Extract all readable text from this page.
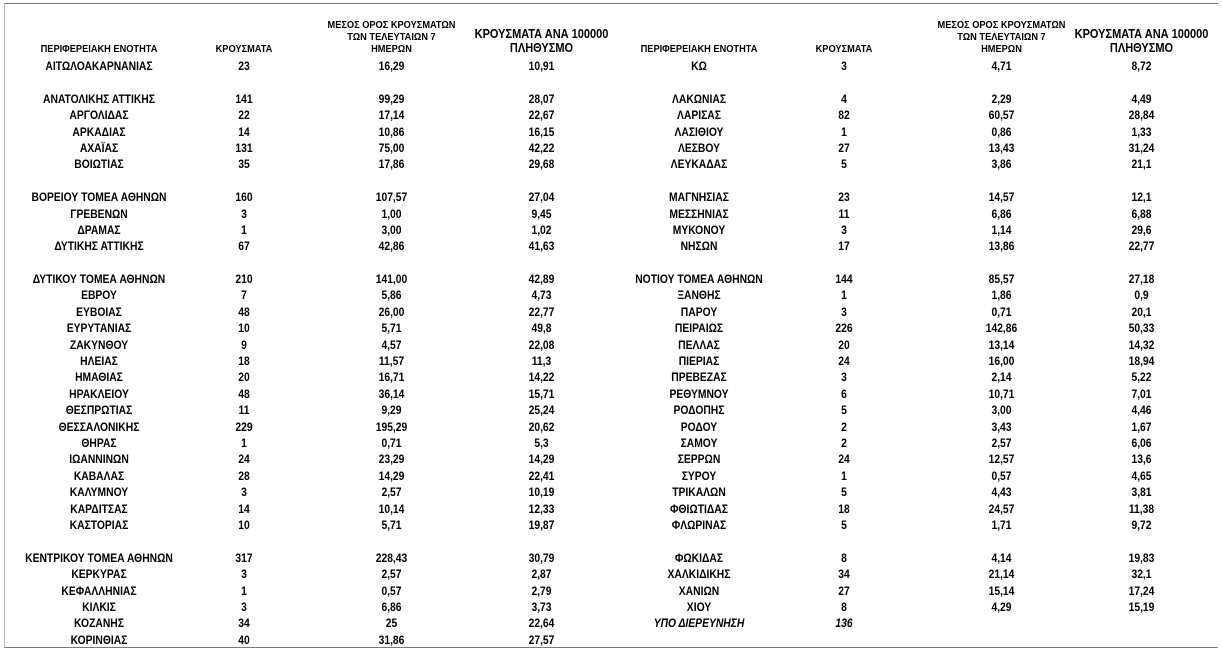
ΠΕΡΙΦΕΡΕΙΑΚΗ ΕΝΟΤΗΤΑ	ΚΡΟΥΣΜΑΤΑ
ΜΕΣΟΣ ΟΡΟΣ ΚΡΟΥΣΜΑΤΩΝ
ΤΩΝ ΤΕΛΕΥΤΑΙΩΝ 7
ΗΜΕΡΩΝ
ΚΡΟΥΣΜΑΤΑ ΑΝΑ 100000
ΠΛΗΘΥΣΜΟ
ΑΙΤΩΛΟΑΚΑΡΝΑΝΙΑΣ	23	16,29	10,91
ΑΝΑΤΟΛΙΚΗΣ ΑΤΤΙΚΗΣ	141	99,29	28,07
ΑΡΓΟΛΙΔΑΣ	22	17,14	22,67
ΑΡΚΑΔΙΑΣ	14	10,86	16,15
ΑΧΑΪΑΣ	131	75,00	42,22
ΒΟΙΩΤΙΑΣ	35	17,86	29,68
ΒΟΡΕΙΟΥ ΤΟΜΕΑ ΑΘΗΝΩΝ	160	107,57	27,04
ΓΡΕΒΕΝΩΝ	3	1,00	9,45
ΔΡΑΜΑΣ	1	3,00	1,02
ΔΥΤΙΚΗΣ ΑΤΤΙΚΗΣ	67	42,86	41,63
ΔΥΤΙΚΟΥ ΤΟΜΕΑ ΑΘΗΝΩΝ	210	141,00	42,89
ΕΒΡΟΥ	7	5,86	4,73
ΕΥΒΟΙΑΣ	48	26,00	22,77
ΕΥΡΥΤΑΝΙΑΣ	10	5,71	49,8
ΖΑΚΥΝΘΟΥ	9	4,57	22,08
ΗΛΕΙΑΣ	18	11,57	11,3
ΗΜΑΘΙΑΣ	20	16,71	14,22
ΗΡΑΚΛΕΙΟΥ	48	36,14	15,71
ΘΕΣΠΡΩΤΙΑΣ	11	9,29	25,24
ΘΕΣΣΑΛΟΝΙΚΗΣ	229	195,29	20,62
ΘΗΡΑΣ	1	0,71	5,3
ΙΩΑΝΝΙΝΩΝ	24	23,29	14,29
ΚΑΒΑΛΑΣ	28	14,29	22,41
ΚΑΛΥΜΝΟΥ	3	2,57	10,19
ΚΑΡΔΙΤΣΑΣ	14	10,14	12,33
ΚΑΣΤΟΡΙΑΣ	10	5,71	19,87
ΚΕΝΤΡΙΚΟΥ ΤΟΜΕΑ ΑΘΗΝΩΝ	317	228,43	30,79
ΚΕΡΚΥΡΑΣ	3	2,57	2,87
ΚΕΦΑΛΛΗΝΙΑΣ	1	0,57	2,79
ΚΙΛΚΙΣ	3	6,86	3,73
ΚΟΖΑΝΗΣ	34	25	22,64
ΚΟΡΙΝΘΙΑΣ	40	31,86	27,57
ΠΕΡΙΦΕΡΕΙΑΚΗ ΕΝΟΤΗΤΑ	ΚΡΟΥΣΜΑΤΑ
ΜΕΣΟΣ ΟΡΟΣ ΚΡΟΥΣΜΑΤΩΝ
ΤΩΝ ΤΕΛΕΥΤΑΙΩΝ 7
ΗΜΕΡΩΝ
ΚΡΟΥΣΜΑΤΑ ΑΝΑ 100000
ΠΛΗΘΥΣΜΟ
ΚΩ	3	4,71	8,72
ΛΑΚΩΝΙΑΣ	4	2,29	4,49
ΛΑΡΙΣΑΣ	82	60,57	28,84
ΛΑΣΙΘΙΟΥ	1	0,86	1,33
ΛΕΣΒΟΥ	27	13,43	31,24
ΛΕΥΚΑΔΑΣ	5	3,86	21,1
ΜΑΓΝΗΣΙΑΣ	23	14,57	12,1
ΜΕΣΣΗΝΙΑΣ	11	6,86	6,88
ΜΥΚΟΝΟΥ	3	1,14	29,6
ΝΗΣΩΝ	17	13,86	22,77
ΝΟΤΙΟΥ ΤΟΜΕΑ ΑΘΗΝΩΝ	144	85,57	27,18
ΞΑΝΘΗΣ	1	1,86	0,9
ΠΑΡΟΥ	3	0,71	20,1
ΠΕΙΡΑΙΩΣ	226	142,86	50,33
ΠΕΛΛΑΣ	20	13,14	14,32
ΠΙΕΡΙΑΣ	24	16,00	18,94
ΠΡΕΒΕΖΑΣ	3	2,14	5,22
ΡΕΘΥΜΝΟΥ	6	10,71	7,01
ΡΟΔΟΠΗΣ	5	3,00	4,46
ΡΟΔΟΥ	2	3,43	1,67
ΣΑΜΟΥ	2	2,57	6,06
ΣΕΡΡΩΝ	24	12,57	13,6
ΣΥΡΟΥ	1	0,57	4,65
ΤΡΙΚΑΛΩΝ	5	4,43	3,81
ΦΘΙΩΤΙΔΑΣ	18	24,57	11,38
ΦΛΩΡΙΝΑΣ	5	1,71	9,72
ΦΩΚΙΔΑΣ	8	4,14	19,83
ΧΑΛΚΙΔΙΚΗΣ	34	21,14	32,1
ΧΑΝΙΩΝ	27	15,14	17,24
ΧΙΟΥ	8	4,29	15,19
ΥΠΟ ΔΙΕΡΕΥΝΗΣΗ	136
